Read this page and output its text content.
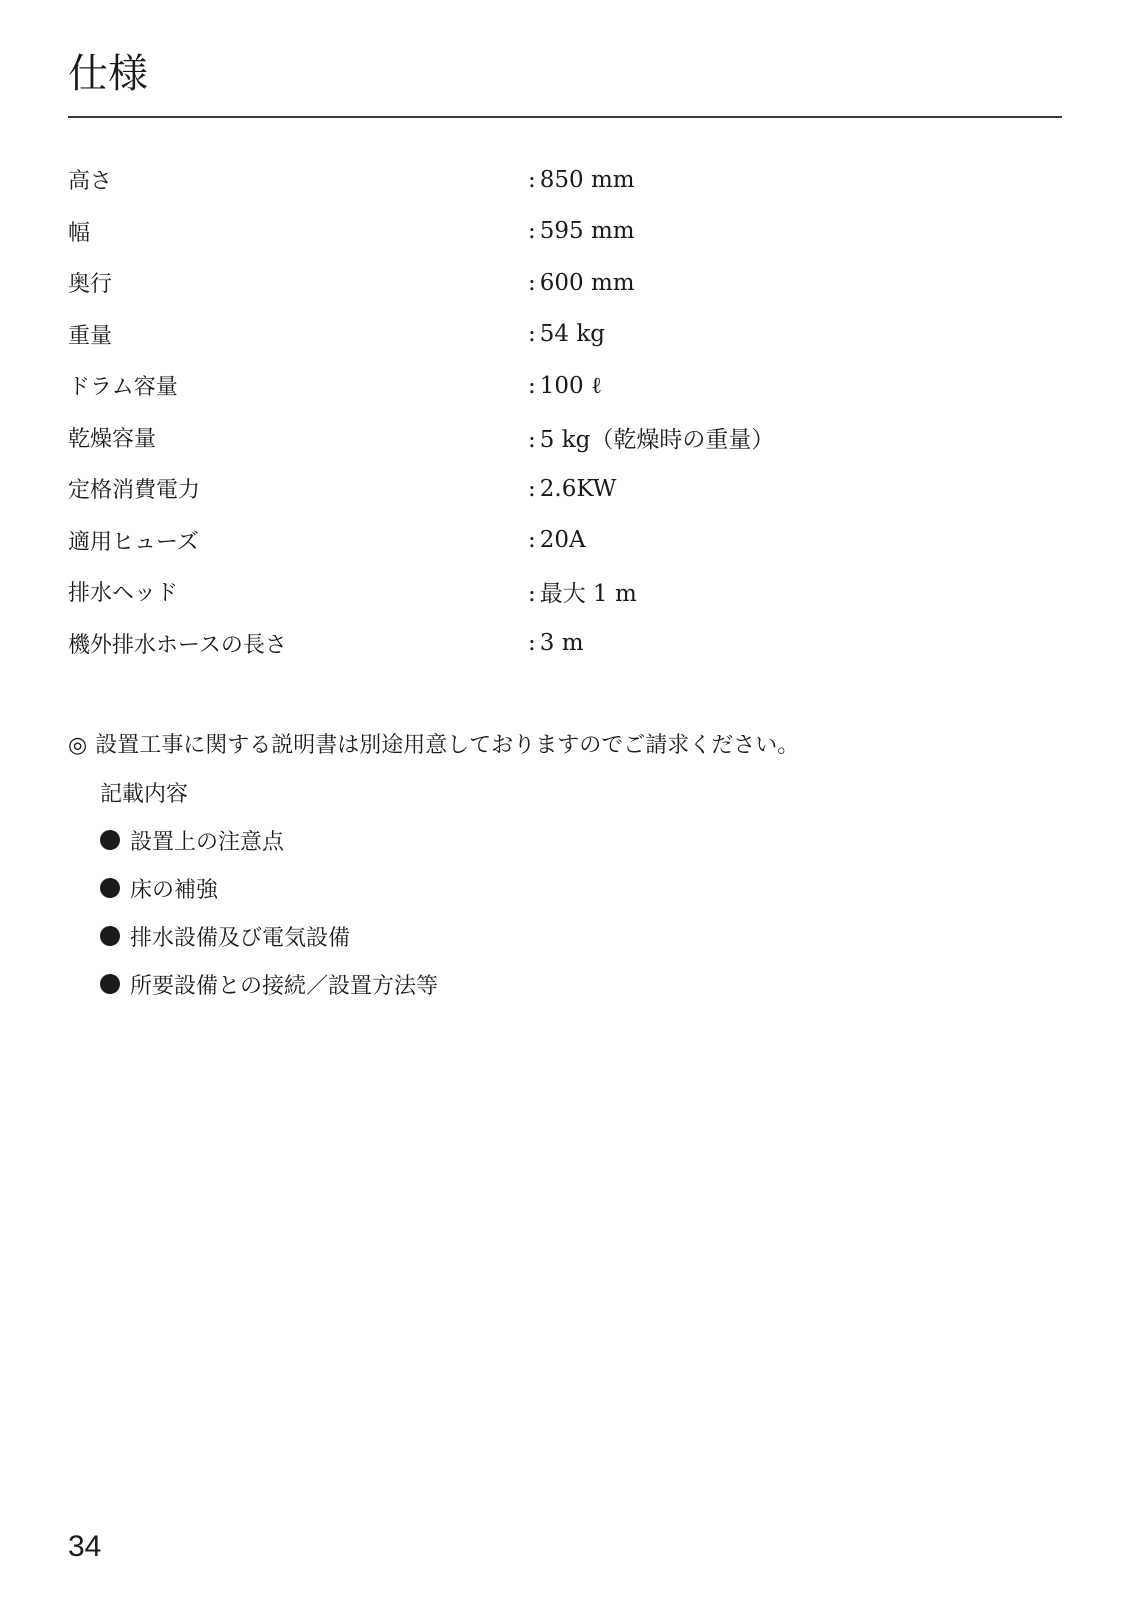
仕様
高さ	: 850 mm
幅	: 595 mm
奥行	: 600 mm
重量	: 54 kg
ドラム容量	: 100 ℓ
乾燥容量	: 5 kg（乾燥時の重量）
定格消費電力	: 2.6KW
適用ヒューズ	: 20A
排水ヘッド	: 最大 1 m
機外排水ホースの長さ	: 3 m
◎ 設置工事に関する説明書は別途用意しておりますのでご請求ください。
記載内容
設置上の注意点
床の補強
排水設備及び電気設備
所要設備との接続／設置方法等
34
